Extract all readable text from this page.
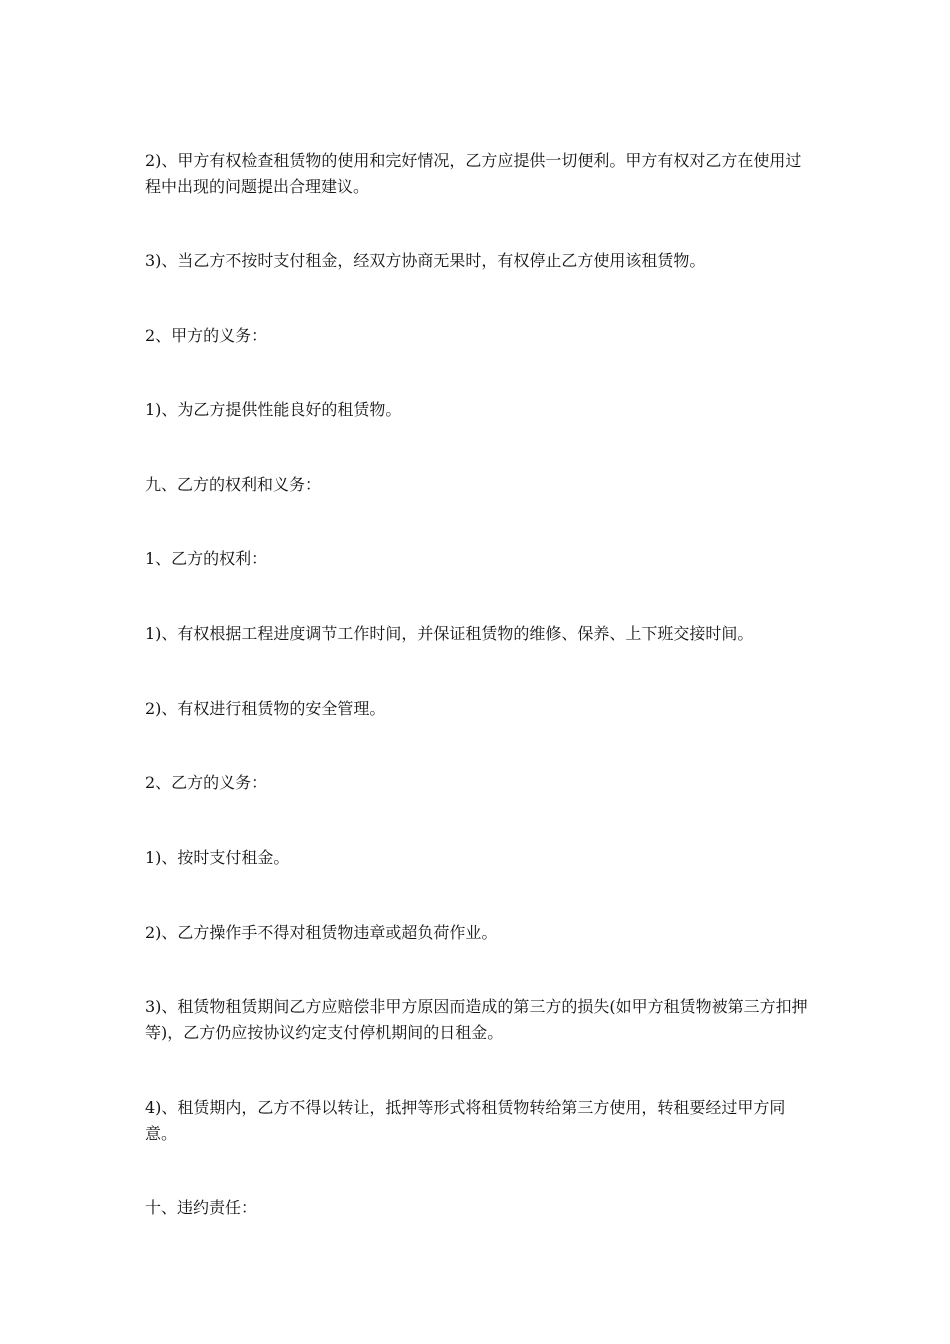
2)、甲方有权检查租赁物的使用和完好情况，乙方应提供一切便利。甲方有权对乙方在使用过程中出现的问题提出合理建议。

3)、当乙方不按时支付租金，经双方协商无果时，有权停止乙方使用该租赁物。

2、甲方的义务：

1)、为乙方提供性能良好的租赁物。

九、乙方的权利和义务：

1、乙方的权利：

1)、有权根据工程进度调节工作时间，并保证租赁物的维修、保养、上下班交接时间。

2)、有权进行租赁物的安全管理。

2、乙方的义务：

1)、按时支付租金。

2)、乙方操作手不得对租赁物违章或超负荷作业。

3)、租赁物租赁期间乙方应赔偿非甲方原因而造成的第三方的损失(如甲方租赁物被第三方扣押等)，乙方仍应按协议约定支付停机期间的日租金。

4)、租赁期内，乙方不得以转让，抵押等形式将租赁物转给第三方使用，转租要经过甲方同意。

十、违约责任：
